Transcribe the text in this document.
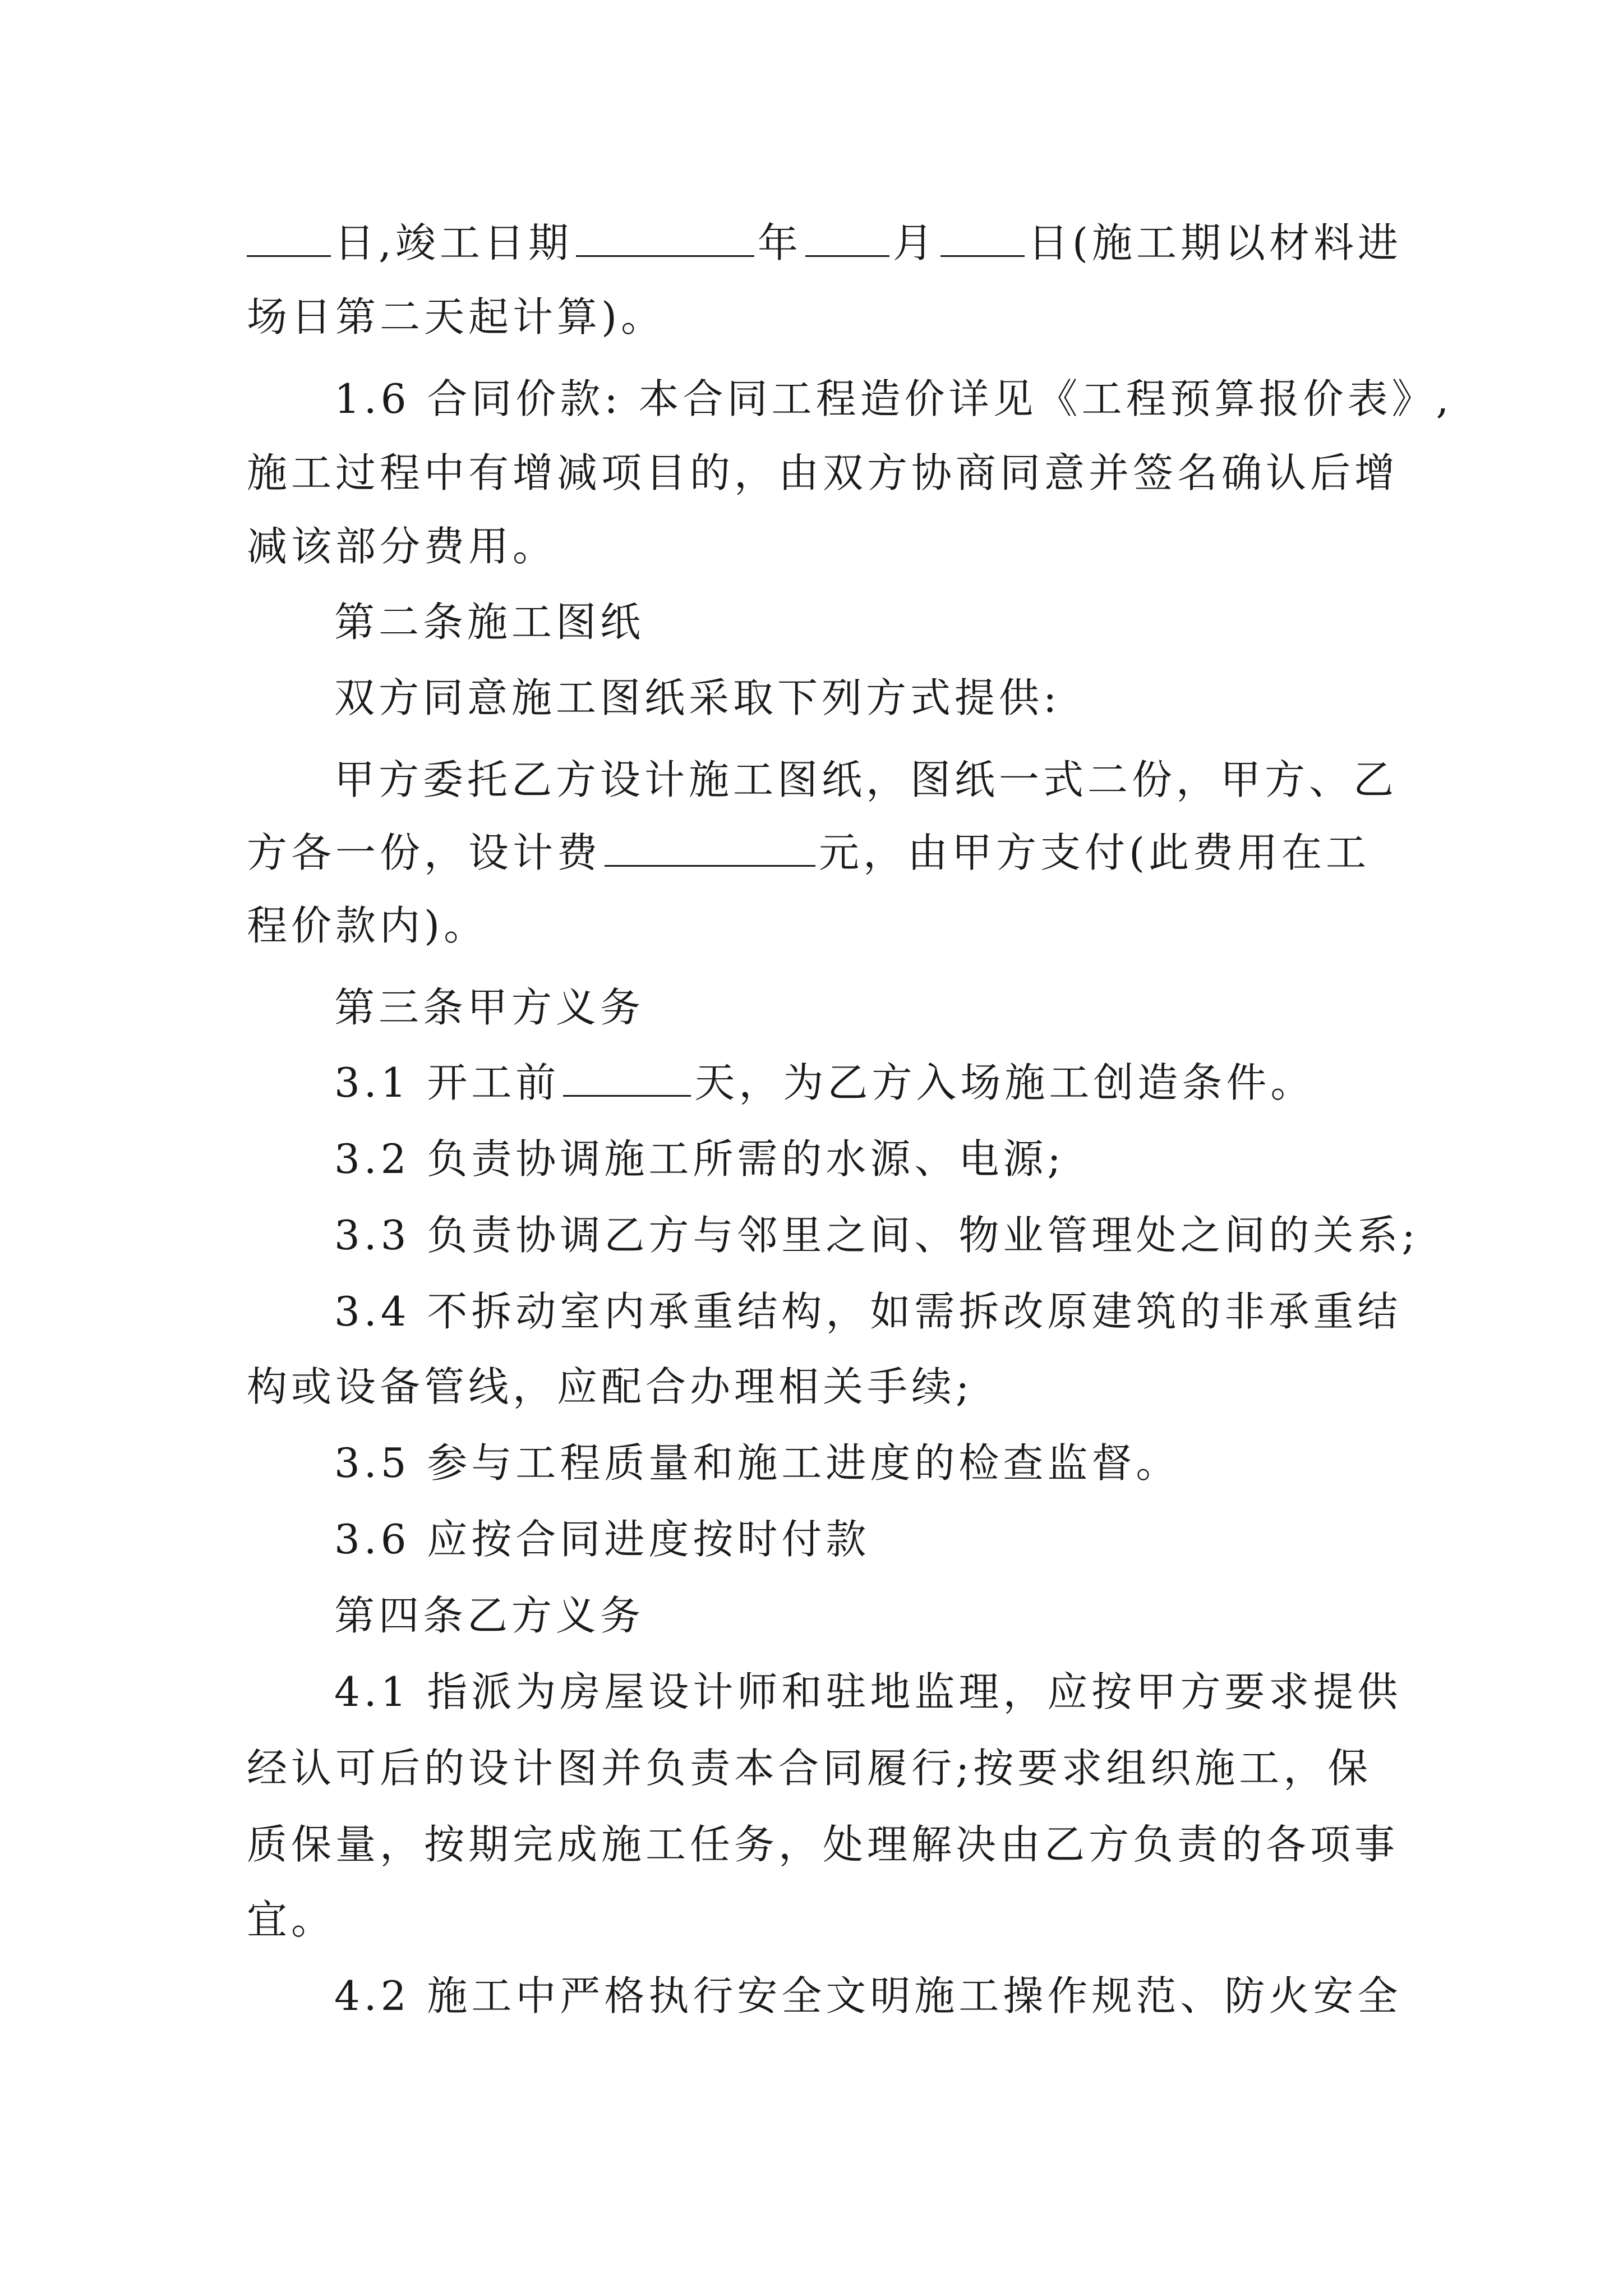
日,竣工日期	年 月 日(施工期以材料进
场日第二天起计算)。
1.6 合同价款: 本合同工程造价详见《工程预算报价表》,
施工过程中有增减项目的，由双方协商同意并签名确认后增
减该部分费用。
第二条施工图纸
双方同意施工图纸采取下列方式提供:
甲方委托乙方设计施工图纸，图纸一式二份，甲方、乙
方各一份，设计费	元，由甲方支付(此费用在工
程价款内)。
第三条甲方义务
3.1 开工前	天，为乙方入场施工创造条件。
3.2 负责协调施工所需的水源、电源;
3.3 负责协调乙方与邻里之间、物业管理处之间的关系;
3.4 不拆动室内承重结构，如需拆改原建筑的非承重结
构或设备管线，应配合办理相关手续;
3.5 参与工程质量和施工进度的检查监督。
3.6 应按合同进度按时付款
第四条乙方义务
4.1 指派为房屋设计师和驻地监理，应按甲方要求提供
经认可后的设计图并负责本合同履行;按要求组织施工，保
质保量，按期完成施工任务，处理解决由乙方负责的各项事
宜。
4.2 施工中严格执行安全文明施工操作规范、防火安全
